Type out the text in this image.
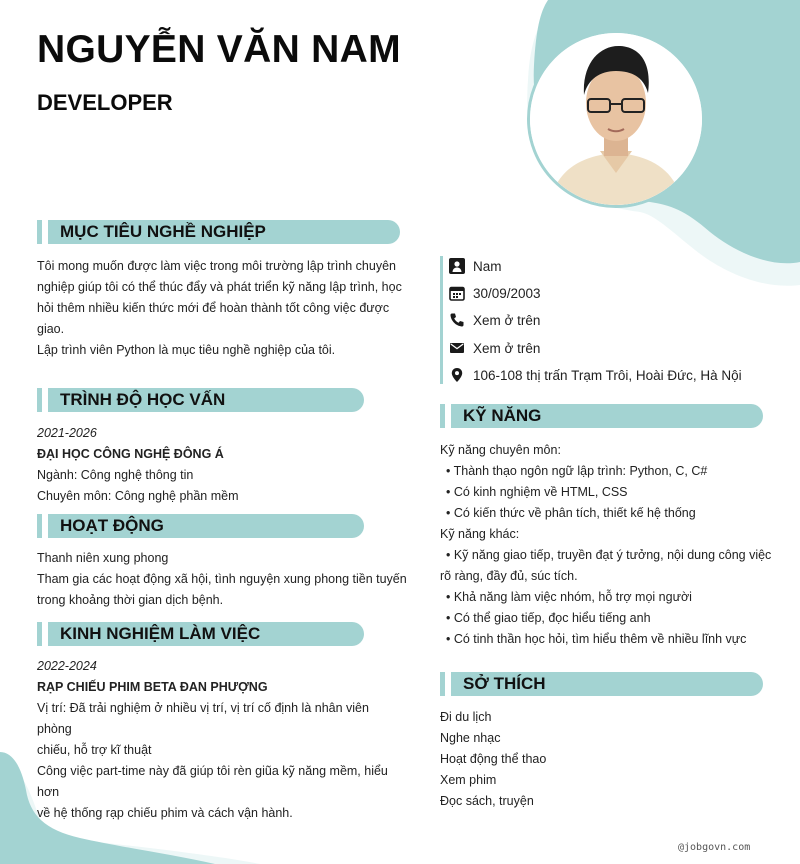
NGUYỄN VĂN NAM
DEVELOPER
MỤC TIÊU NGHỀ NGHIỆP

Tôi mong muốn được làm việc trong môi trường lập trình chuyên

nghiệp giúp tôi có thể thúc đẩy và phát triển kỹ năng lập trình, học

hỏi thêm nhiều kiến thức mới để hoàn thành tốt công việc được

giao.

Lập trình viên Python là mục tiêu nghề nghiệp của tôi.

TRÌNH ĐỘ HỌC VẤN

2021-2026

ĐẠI HỌC CÔNG NGHỆ ĐÔNG Á

Ngành: Công nghệ thông tin

Chuyên môn: Công nghệ phần mềm

HOẠT ĐỘNG

Thanh niên xung phong

Tham gia các hoạt động xã hội, tình nguyện xung phong tiền tuyến

trong khoảng thời gian dịch bệnh.

KINH NGHIỆM LÀM VIỆC

2022-2024

RẠP CHIẾU PHIM BETA ĐAN PHƯỢNG

Vị trí: Đã trải nghiệm ở nhiều vị trí, vị trí cố định là nhân viên phòng

chiếu, hỗ trợ kĩ thuật

Công việc part-time này đã giúp tôi rèn giũa kỹ năng mềm, hiểu hơn

về hệ thống rạp chiếu phim và cách vận hành.

Nam
30/09/2003
Xem ở trên
Xem ở trên
106-108 thị trấn Trạm Trôi, Hoài Đức, Hà Nội
KỸ NĂNG

Kỹ năng chuyên môn:

• Thành thạo ngôn ngữ lập trình: Python, C, C#

• Có kinh nghiệm về HTML, CSS

• Có kiến thức về phân tích, thiết kế hệ thống

Kỹ năng khác:

• Kỹ năng giao tiếp, truyền đạt ý tưởng, nội dung công việc

rõ ràng, đầy đủ, súc tích.

• Khả năng làm việc nhóm, hỗ trợ mọi người

• Có thể giao tiếp, đọc hiểu tiếng anh

• Có tinh thần học hỏi, tìm hiểu thêm về nhiều lĩnh vực

SỞ THÍCH

Đi du lịch

Nghe nhạc

Hoạt động thể thao

Xem phim

Đọc sách, truyện

@jobgovn.com
